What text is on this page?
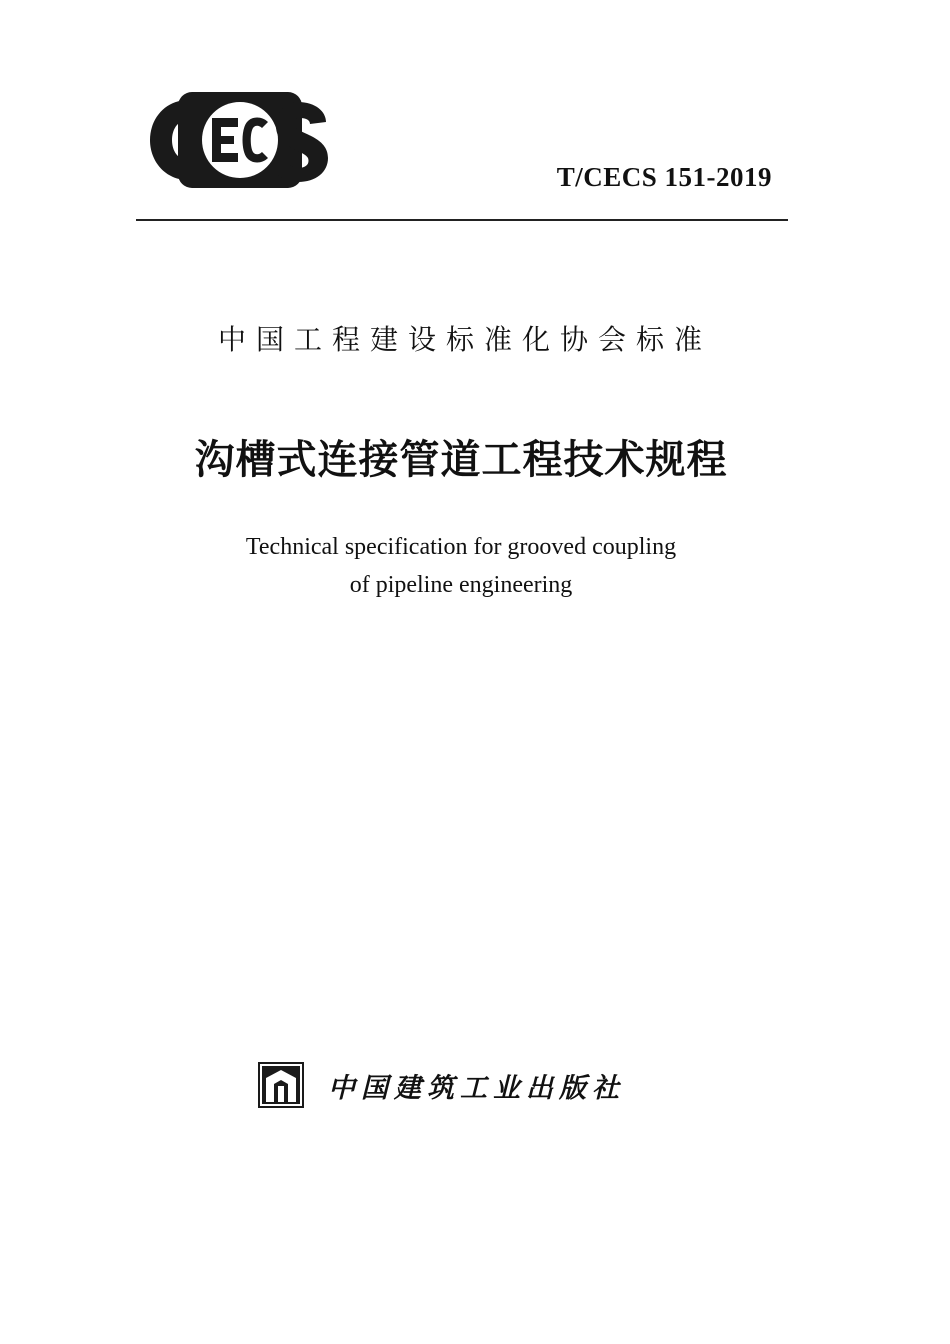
T/CECS 151-2019
中国工程建设标准化协会标准
沟槽式连接管道工程技术规程
Technical specification for grooved coupling
of pipeline engineering
中国建筑工业出版社
